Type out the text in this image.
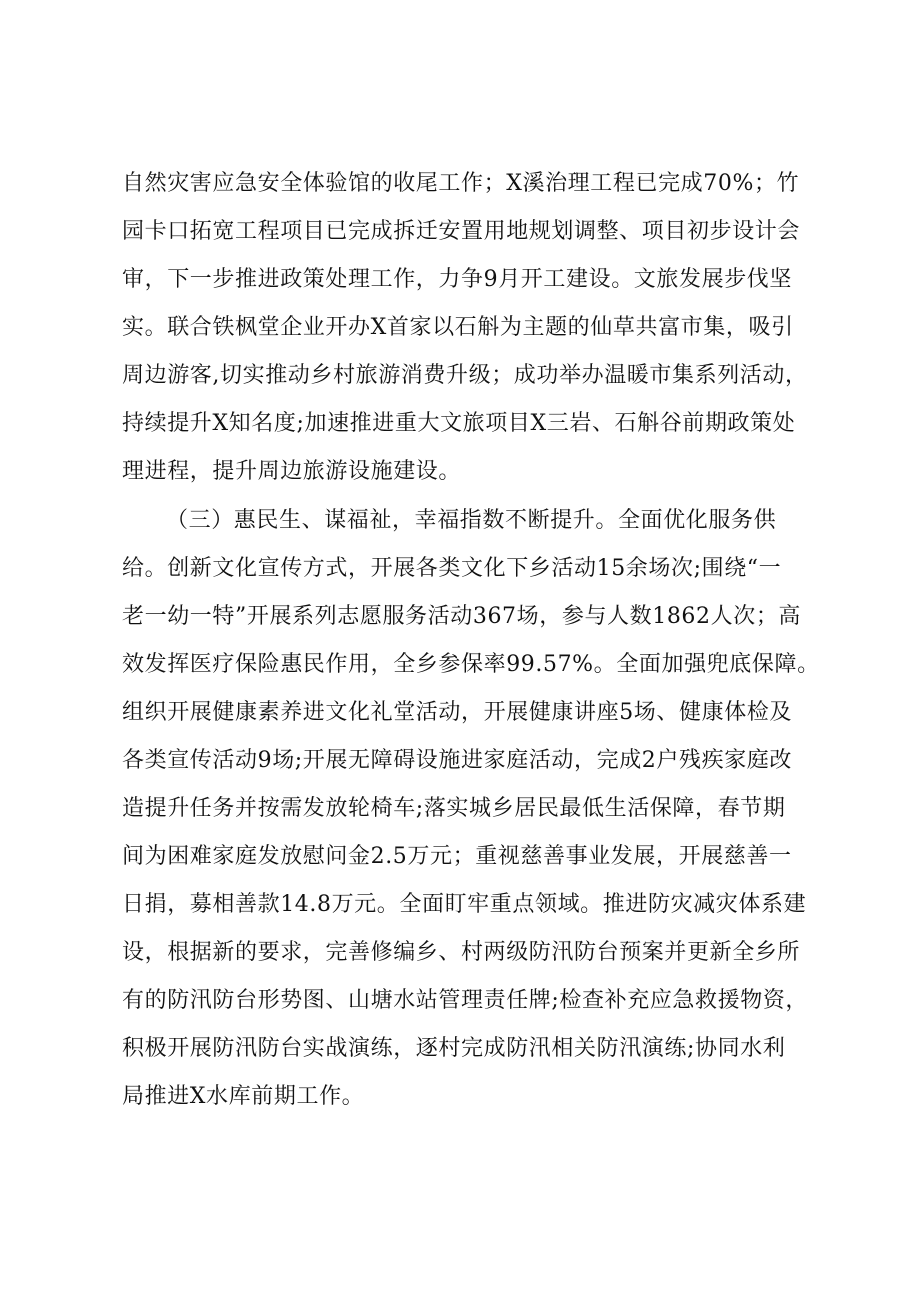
自然灾害应急安全体验馆的收尾工作；X溪治理工程已完成70%；竹
园卡口拓宽工程项目已完成拆迁安置用地规划调整、项目初步设计会
审，下一步推进政策处理工作，力争9月开工建设。文旅发展步伐坚
实。联合铁枫堂企业开办X首家以石斛为主题的仙草共富市集，吸引
周边游客,切实推动乡村旅游消费升级；成功举办温暖市集系列活动，
持续提升X知名度;加速推进重大文旅项目X三岩、石斛谷前期政策处
理进程，提升周边旅游设施建设。
（三）惠民生、谋福祉，幸福指数不断提升。全面优化服务供
给。创新文化宣传方式，开展各类文化下乡活动15余场次;围绕“一
老一幼一特”开展系列志愿服务活动367场，参与人数1862人次；高
效发挥医疗保险惠民作用，全乡参保率99.57%。全面加强兜底保障。
组织开展健康素养进文化礼堂活动，开展健康讲座5场、健康体检及
各类宣传活动9场;开展无障碍设施进家庭活动，完成2户残疾家庭改
造提升任务并按需发放轮椅车;落实城乡居民最低生活保障，春节期
间为困难家庭发放慰问金2.5万元；重视慈善事业发展，开展慈善一
日捐，募相善款14.8万元。全面盯牢重点领域。推进防灾减灾体系建
设，根据新的要求，完善修编乡、村两级防汛防台预案并更新全乡所
有的防汛防台形势图、山塘水站管理责任牌;检查补充应急救援物资，
积极开展防汛防台实战演练，逐村完成防汛相关防汛演练;协同水利
局推进X水库前期工作。
